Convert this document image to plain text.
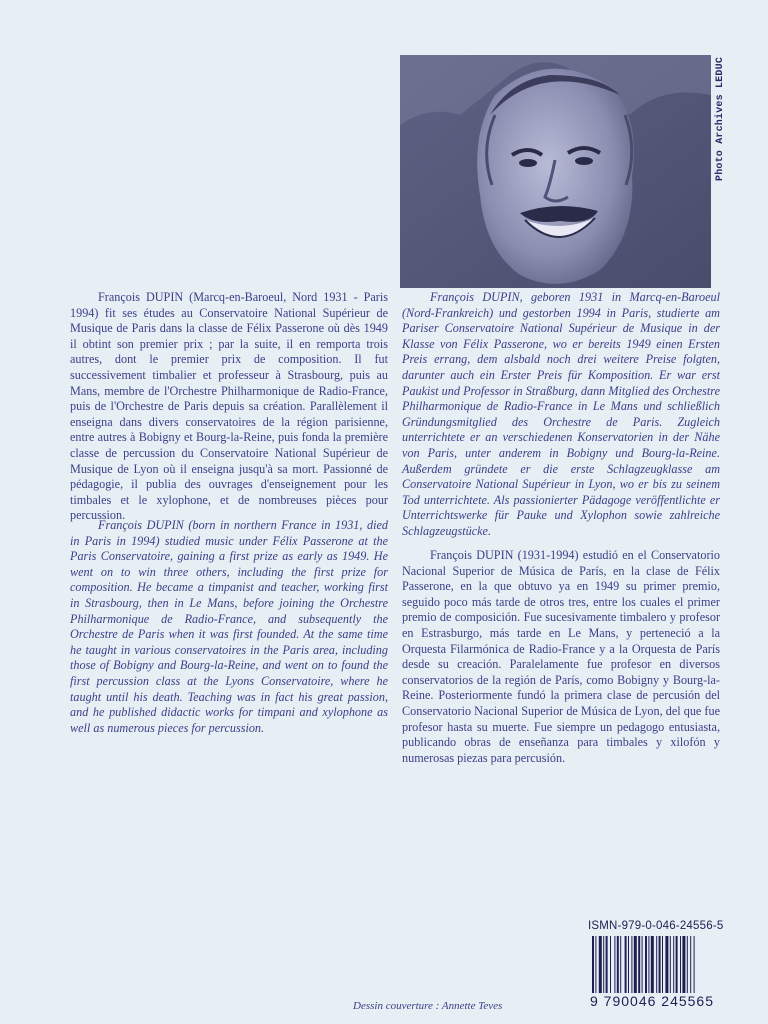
Photo Archives LEDUC

François DUPIN (Marcq-en-Baroeul, Nord 1931 - Paris 1994) fit ses études au Conservatoire National Supérieur de Musique de Paris dans la classe de Félix Passerone où dès 1949 il obtint son premier prix ; par la suite, il en remporta trois autres, dont le premier prix de composition. Il fut successivement timbalier et professeur à Strasbourg, puis au Mans, membre de l'Orchestre Philharmonique de Radio-France, puis de l'Orchestre de Paris depuis sa création. Parallèlement il enseigna dans divers conservatoires de la région parisienne, entre autres à Bobigny et Bourg-la-Reine, puis fonda la première classe de percussion du Conservatoire National Supérieur de Musique de Lyon où il enseigna jusqu'à sa mort. Passionné de pédagogie, il publia des ouvrages d'enseignement pour les timbales et le xylophone, et de nombreuses pièces pour percussion.

François DUPIN (born in northern France in 1931, died in Paris in 1994) studied music under Félix Passerone at the Paris Conservatoire, gaining a first prize as early as 1949. He went on to win three others, including the first prize for composition. He became a timpanist and teacher, working first in Strasbourg, then in Le Mans, before joining the Orchestre Philharmonique de Radio-France, and subsequently the Orchestre de Paris when it was first founded. At the same time he taught in various conservatoires in the Paris area, including those of Bobigny and Bourg-la-Reine, and went on to found the first percussion class at the Lyons Conservatoire, where he taught until his death. Teaching was in fact his great passion, and he published didactic works for timpani and xylophone as well as numerous pieces for percussion.

François DUPIN, geboren 1931 in Marcq-en-Baroeul (Nord-Frankreich) und gestorben 1994 in Paris, studierte am Pariser Conservatoire National Supérieur de Musique in der Klasse von Félix Passerone, wo er bereits 1949 einen Ersten Preis errang, dem alsbald noch drei weitere Preise folgten, darunter auch ein Erster Preis für Komposition. Er war erst Paukist und Professor in Straßburg, dann Mitglied des Orchestre Philharmonique de Radio-France in Le Mans und schließlich Gründungsmitglied des Orchestre de Paris. Zugleich unterrichtete er an verschiedenen Konservatorien in der Nähe von Paris, unter anderem in Bobigny und Bourg-la-Reine. Außerdem gründete er die erste Schlagzeugklasse am Conservatoire National Supérieur in Lyon, wo er bis zu seinem Tod unterrichtete. Als passionierter Pädagoge veröffentlichte er Unterrichtswerke für Pauke und Xylophon sowie zahlreiche Schlagzeugstücke.

François DUPIN (1931-1994) estudió en el Conservatorio Nacional Superior de Música de París, en la clase de Félix Passerone, en la que obtuvo ya en 1949 su primer premio, seguido poco más tarde de otros tres, entre los cuales el primer premio de composición. Fue sucesivamente timbalero y profesor en Estrasburgo, más tarde en Le Mans, y perteneció a la Orquesta Filarmónica de Radio-France y a la Orquesta de París desde su creación. Paralelamente fue profesor en diversos conservatorios de la región de París, como Bobigny y Bourg-la-Reine. Posteriormente fundó la primera clase de percusión del Conservatorio Nacional Superior de Música de Lyon, del que fue profesor hasta su muerte. Fue siempre un pedagogo entusiasta, publicando obras de enseñanza para timbales y xilofón y numerosas piezas para percusión.

ISMN-979-0-046-24556-5
9 790046 245565
Dessin couverture : Annette Teves
